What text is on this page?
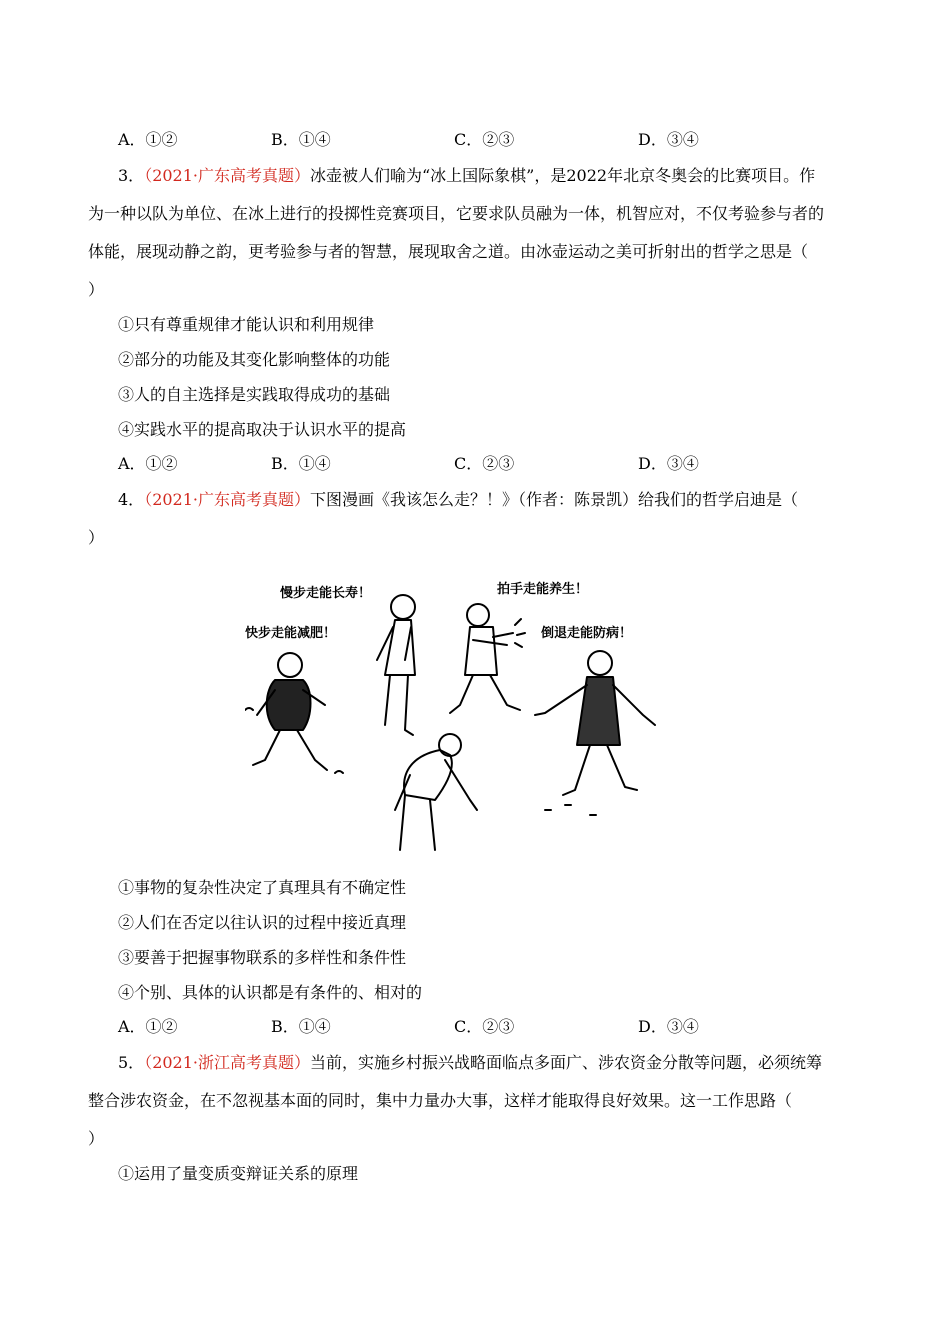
A．①②	B．①④	C．②③	D．③④
3．（2021·广东高考真题）冰壶被人们喻为“冰上国际象棋”，是2022年北京冬奥会的比赛项目。作
为一种以队为单位、在冰上进行的投掷性竞赛项目，它要求队员融为一体，机智应对，不仅考验参与者的
体能，展现动静之韵，更考验参与者的智慧，展现取舍之道。由冰壶运动之美可折射出的哲学之思是（
）
①只有尊重规律才能认识和利用规律
②部分的功能及其变化影响整体的功能
③人的自主选择是实践取得成功的基础
④实践水平的提高取决于认识水平的提高
A．①②	B．①④	C．②③	D．③④
4．（2021·广东高考真题）下图漫画《我该怎么走？！》（作者：陈景凯）给我们的哲学启迪是（
）
慢步走能长寿！	拍手走能养生！
快步走能减肥！	倒退走能防病！
①事物的复杂性决定了真理具有不确定性
②人们在否定以往认识的过程中接近真理
③要善于把握事物联系的多样性和条件性
④个别、具体的认识都是有条件的、相对的
A．①②	B．①④	C．②③	D．③④
5．（2021·浙江高考真题）当前，实施乡村振兴战略面临点多面广、涉农资金分散等问题，必须统筹
整合涉农资金，在不忽视基本面的同时，集中力量办大事，这样才能取得良好效果。这一工作思路（
）
①运用了量变质变辩证关系的原理
